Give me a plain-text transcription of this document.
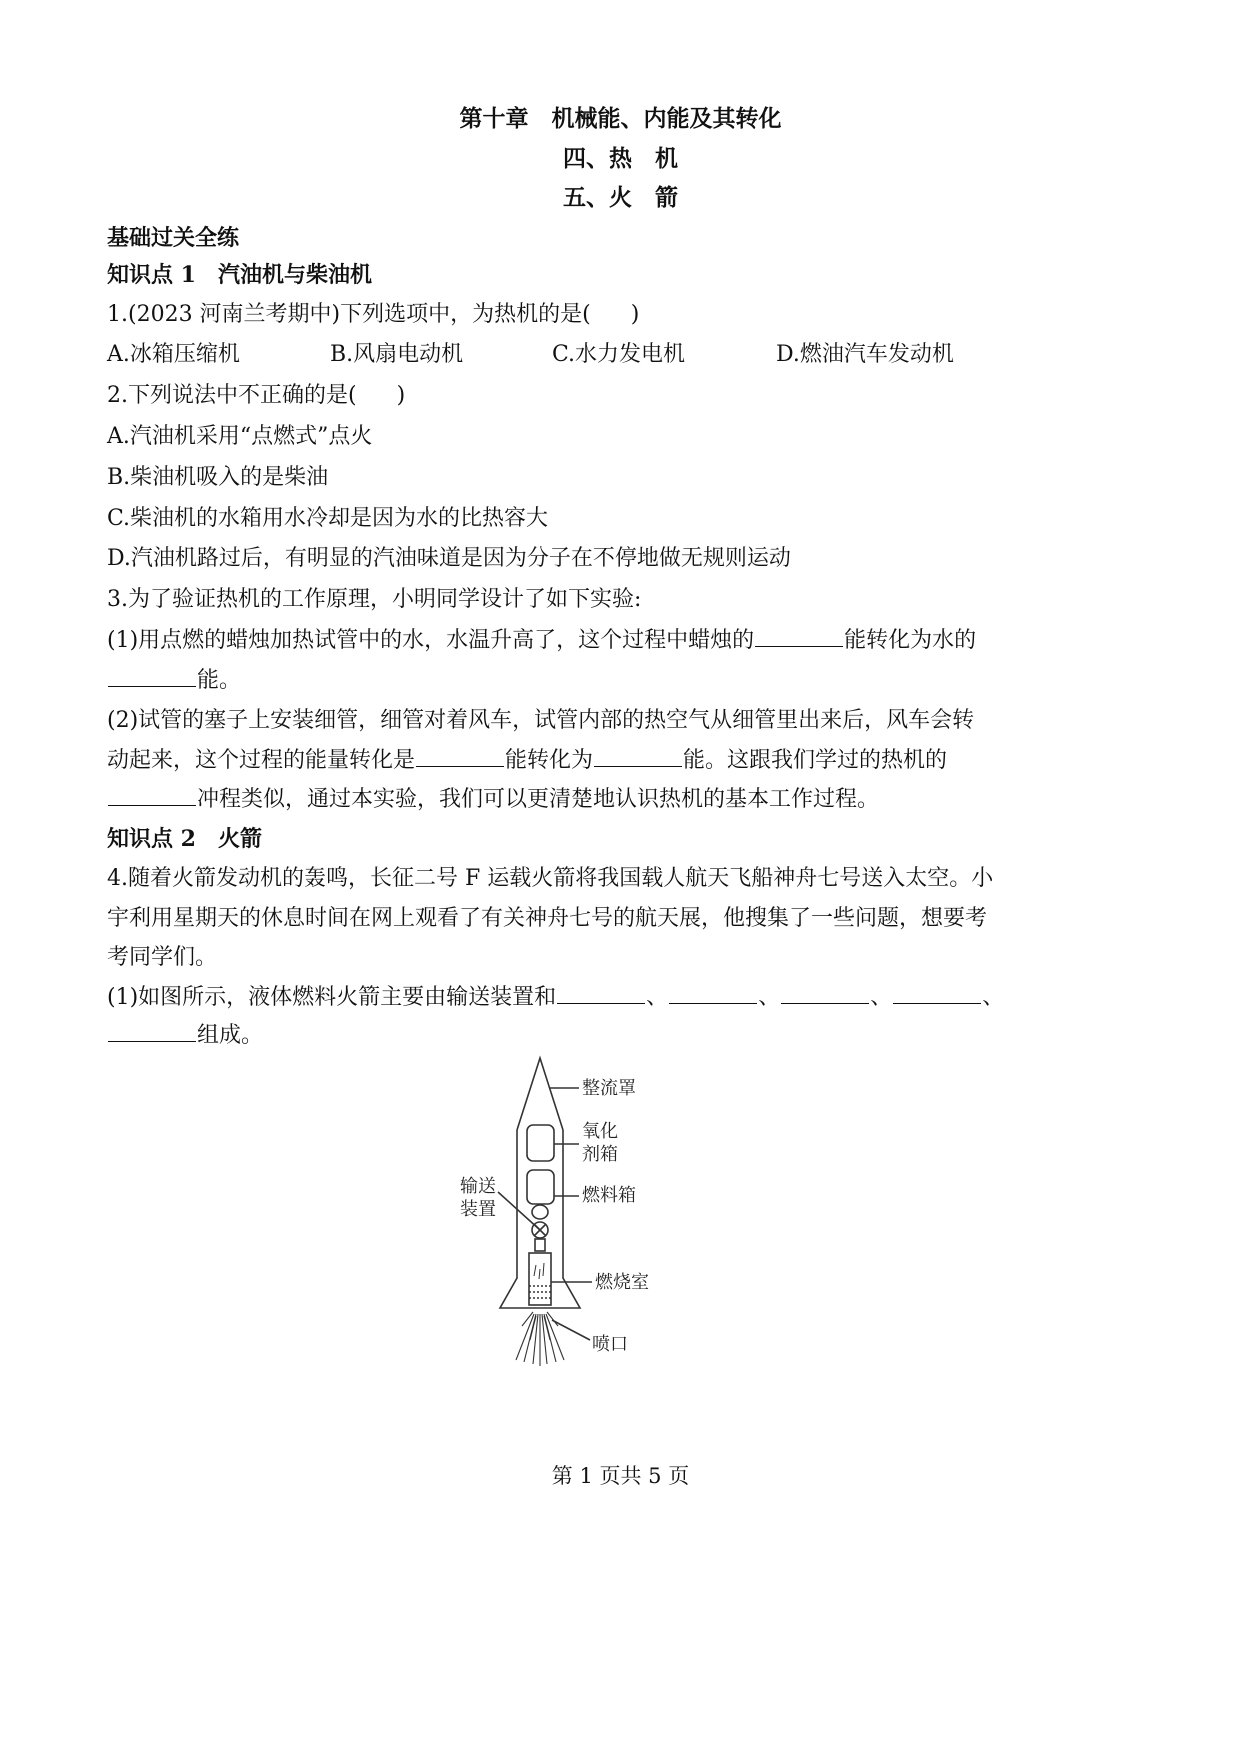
第十章　机械能、内能及其转化
四、热　机
五、火　箭
基础过关全练
知识点 1　汽油机与柴油机
1.(2023 河南兰考期中)下列选项中，为热机的是( )
A.冰箱压缩机	B.风扇电动机	C.水力发电机	D.燃油汽车发动机
2.下列说法中不正确的是( )
A.汽油机采用“点燃式”点火
B.柴油机吸入的是柴油
C.柴油机的水箱用水冷却是因为水的比热容大
D.汽油机路过后，有明显的汽油味道是因为分子在不停地做无规则运动
3.为了验证热机的工作原理，小明同学设计了如下实验:
(1)用点燃的蜡烛加热试管中的水，水温升高了，这个过程中蜡烛的	能转化为水的
能。
(2)试管的塞子上安装细管，细管对着风车，试管内部的热空气从细管里出来后，风车会转
动起来，这个过程的能量转化是	能转化为	能。这跟我们学过的热机的
冲程类似，通过本实验，我们可以更清楚地认识热机的基本工作过程。
知识点 2　火箭
4.随着火箭发动机的轰鸣，长征二号 F 运载火箭将我国载人航天飞船神舟七号送入太空。小
宇利用星期天的休息时间在网上观看了有关神舟七号的航天展，他搜集了一些问题，想要考
考同学们。
(1)如图所示，液体燃料火箭主要由输送装置和	、	、	、	、
组成。
整流罩
氧化
剂箱
燃料箱
输送
装置
燃烧室
喷口
第 1 页共 5 页
